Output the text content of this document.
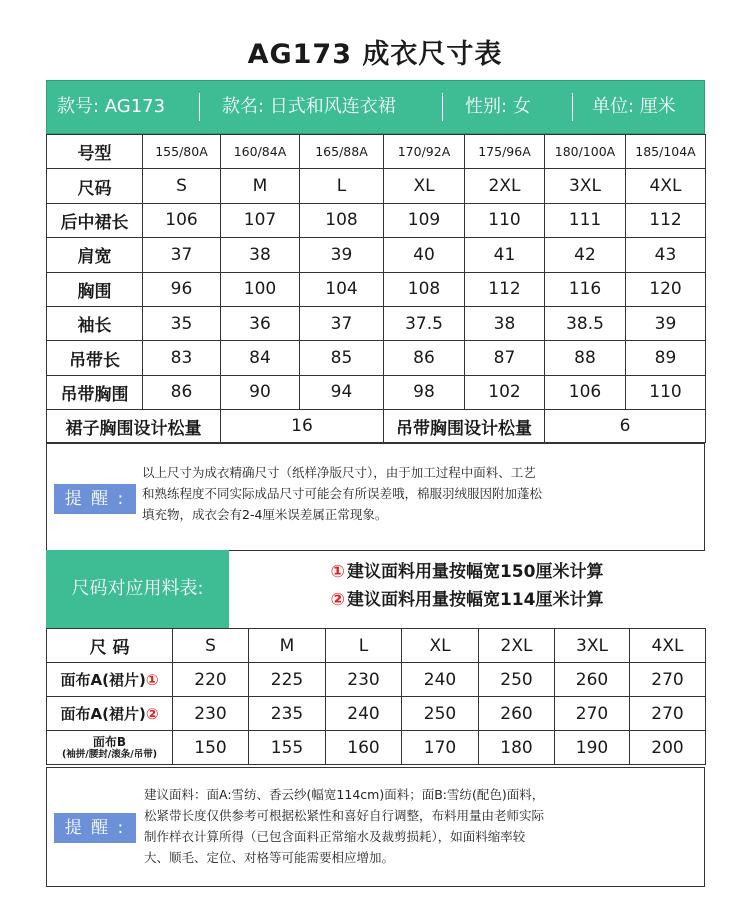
AG173 成衣尺寸表
款号: AG173	款名: 日式和风连衣裙	性别: 女	单位: 厘米
号型	155/80A	160/84A	165/88A	170/92A	175/96A	180/100A	185/104A
尺码	S	M	L	XL	2XL	3XL	4XL
后中裙长	106	107	108	109	110	111	112
肩宽	37	38	39	40	41	42	43
胸围	96	100	104	108	112	116	120
袖长	35	36	37	37.5	38	38.5	39
吊带长	83	84	85	86	87	88	89
吊带胸围	86	90	94	98	102	106	110
裙子胸围设计松量		16		吊带胸围设计松量		6	
提 醒 :
以上尺寸为成衣精确尺寸（纸样净版尺寸），由于加工过程中面料、工艺
和熟练程度不同实际成品尺寸可能会有所误差哦，棉服羽绒服因附加蓬松
填充物，成衣会有2-4厘米误差属正常现象。
尺码对应用料表:
① 建议面料用量按幅宽150厘米计算
② 建议面料用量按幅宽114厘米计算
尺 码	S	M	L	XL	2XL	3XL	4XL
面布A(裙片)①	220	225	230	240	250	260	270
面布A(裙片)②	230	235	240	250	260	270	270

面布B
(袖拼/腰封/滚条/吊带)	150	155	160	170	180	190	200
提 醒 :
建议面料：面A:雪纺、香云纱(幅宽114cm)面料；面B:雪纺(配色)面料，
松紧带长度仅供参考可根据松紧性和喜好自行调整，布料用量由老师实际
制作样衣计算所得（已包含面料正常缩水及裁剪损耗），如面料缩率较
大、顺毛、定位、对格等可能需要相应增加。
